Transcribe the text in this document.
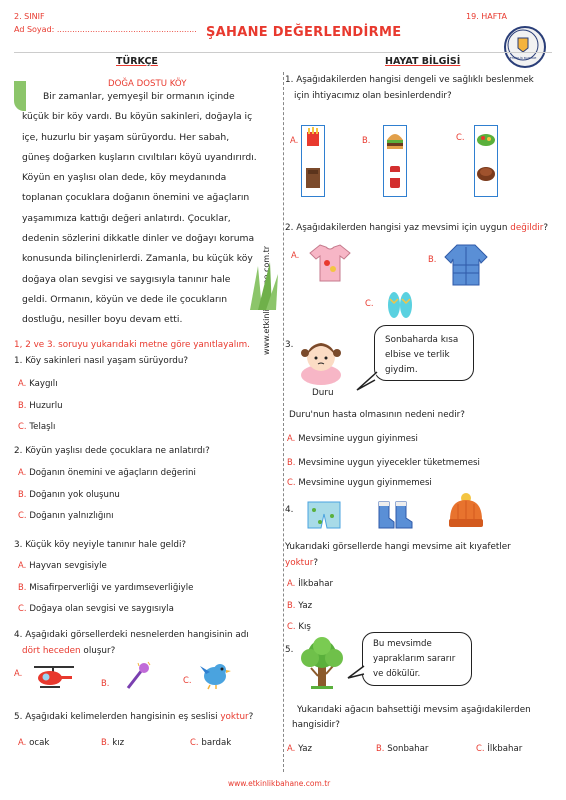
2. SINIF
Ad Soyad: ....................................................... ŞAHANE DEĞERLENDİRME
19. HAFTA
ETKİNLİK BAHANE
TÜRKÇE	HAYAT BİLGİSİ
DOĞA DOSTU KÖY
Bir zamanlar, yemyeşil bir ormanın içinde
küçük bir köy vardı. Bu köyün sakinleri, doğayla iç
içe, huzurlu bir yaşam sürüyordu. Her sabah,
güneş doğarken kuşların cıvıltıları köyü uyandırırdı.
Köyün en yaşlısı olan dede, köy meydanında
toplanan çocuklara doğanın önemini ve ağaçların
yaşamımıza kattığı değeri anlatırdı. Çocuklar,
dedenin sözlerini dikkatle dinler ve doğayı koruma
konusunda bilinçlenirlerdi. Zamanla, bu küçük köy
doğaya olan sevgisi ve saygısıyla tanınır hale
geldi. Ormanın, köyün ve dede ile çocukların
dostluğu, nesiller boyu devam etti.
1, 2 ve 3. soruyu yukarıdaki metne göre yanıtlayalım.
1. Köy sakinleri nasıl yaşam sürüyordu?
A. Kaygılı
B. Huzurlu
C. Telaşlı
2. Köyün yaşlısı dede çocuklara ne anlatırdı?
A. Doğanın önemini ve ağaçların değerini
B. Doğanın yok oluşunu
C. Doğanın yalnızlığını
3. Küçük köy neyiyle tanınır hale geldi?
A. Hayvan sevgisiyle
B. Misafirperverliği ve yardımseverliğiyle
C. Doğaya olan sevgisi ve saygısıyla
4. Aşağıdaki görsellerdeki nesnelerden hangisinin adı
dört heceden oluşur?
A.
B.	C.
5. Aşağıdaki kelimelerden hangisinin eş seslisi yoktur?
A. ocak	B. kız	C. bardak
1. Aşağıdakilerden hangisi dengeli ve sağlıklı beslenmek
için ihtiyacımız olan besinlerdendir?
A.	B.	C.
2. Aşağıdakilerden hangisi yaz mevsimi için uygun değildir?
A.	B.
C.
3.	Sonbaharda kısa
elbise ve terlik
giydim.
Duru
Duru'nun hasta olmasının nedeni nedir?
A. Mevsimine uygun giyinmesi
B. Mevsimine uygun yiyecekler tüketmemesi
C. Mevsimine uygun giyinmemesi
4.
Yukarıdaki görsellerde hangi mevsime ait kıyafetler
yoktur?
A. İlkbahar
B. Yaz
C. Kış
5.
Bu mevsimde
yapraklarım sararır
ve dökülür.
Yukarıdaki ağacın bahsettiği mevsim aşağıdakilerden
hangisidir?
A. Yaz	B. Sonbahar	C. İlkbahar
www.etkinlikbahane.com.tr
